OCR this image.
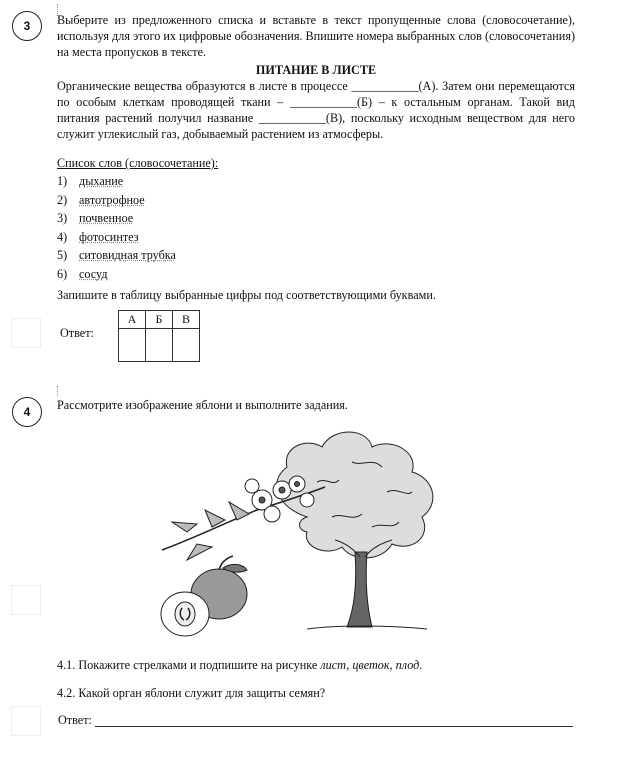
3	Выберите из предложенного списка и вставьте в текст пропущенные слова (словосочетание), используя для этого их цифровые обозначения. Впишите номера выбранных слов (словосочетания) на места пропусков в тексте.
ПИТАНИЕ В ЛИСТЕ
Органические вещества образуются в листе в процессе ___________(А). Затем они перемещаются по особым клеткам проводящей ткани – ___________(Б) – к остальным органам. Такой вид питания растений получил название ___________(В), поскольку исходным веществом для него служит углекислый газ, добываемый растением из атмосферы.
Список слов (словосочетание):
1) дыхание
2) автотрофное
3) почвенное
4) фотосинтез
5) ситовидная трубка
6) сосуд
Запишите в таблицу выбранные цифры под соответствующими буквами.
Ответ:
А	Б	В

4	Рассмотрите изображение яблони и выполните задания.
4.1. Покажите стрелками и подпишите на рисунке лист, цветок, плод.
4.2. Какой орган яблони служит для защиты семян?
Ответ:
